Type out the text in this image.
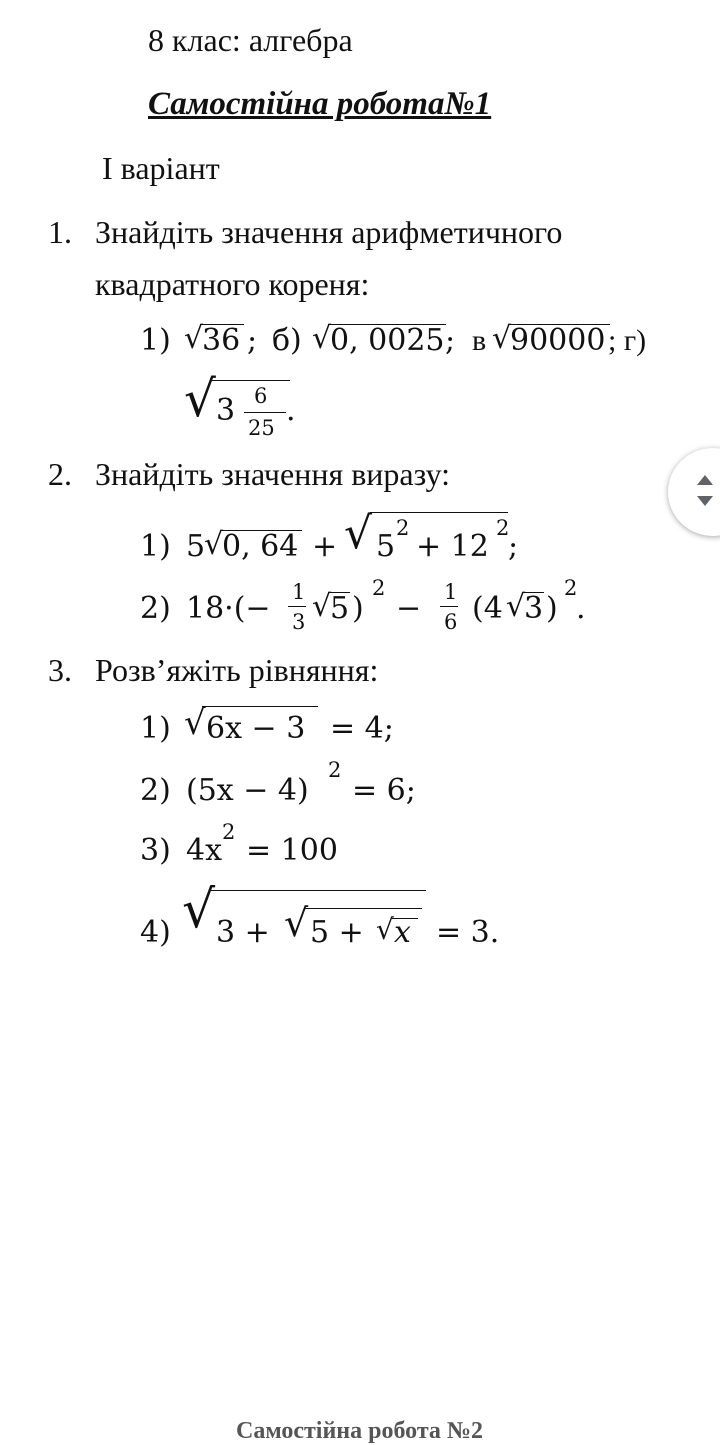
8 клас: алгебра
Самостійна робота№1
І варіант
1. Знайдіть значення арифметичного
квадратного кореня:
1) √
36 ; б) √
0, 0025 ; в √
90000 ; г)
√ 3 6
25 .
2. Знайдіть значення виразу:
1) 5
√
0, 64 + √ 5
2
+ 12
2
;
2) 18·(− 1
3 √
5 )
2
− 1
6 (4 √
3 )
2
.
3. Розв’яжіть рівняння:
1) √ 6x − 3 = 4;
2) (5x − 4)
2
= 6;
3) 4x
2
= 100
4) √ 3 + √ 5 + √ x = 3.
Самостійна робота №2
